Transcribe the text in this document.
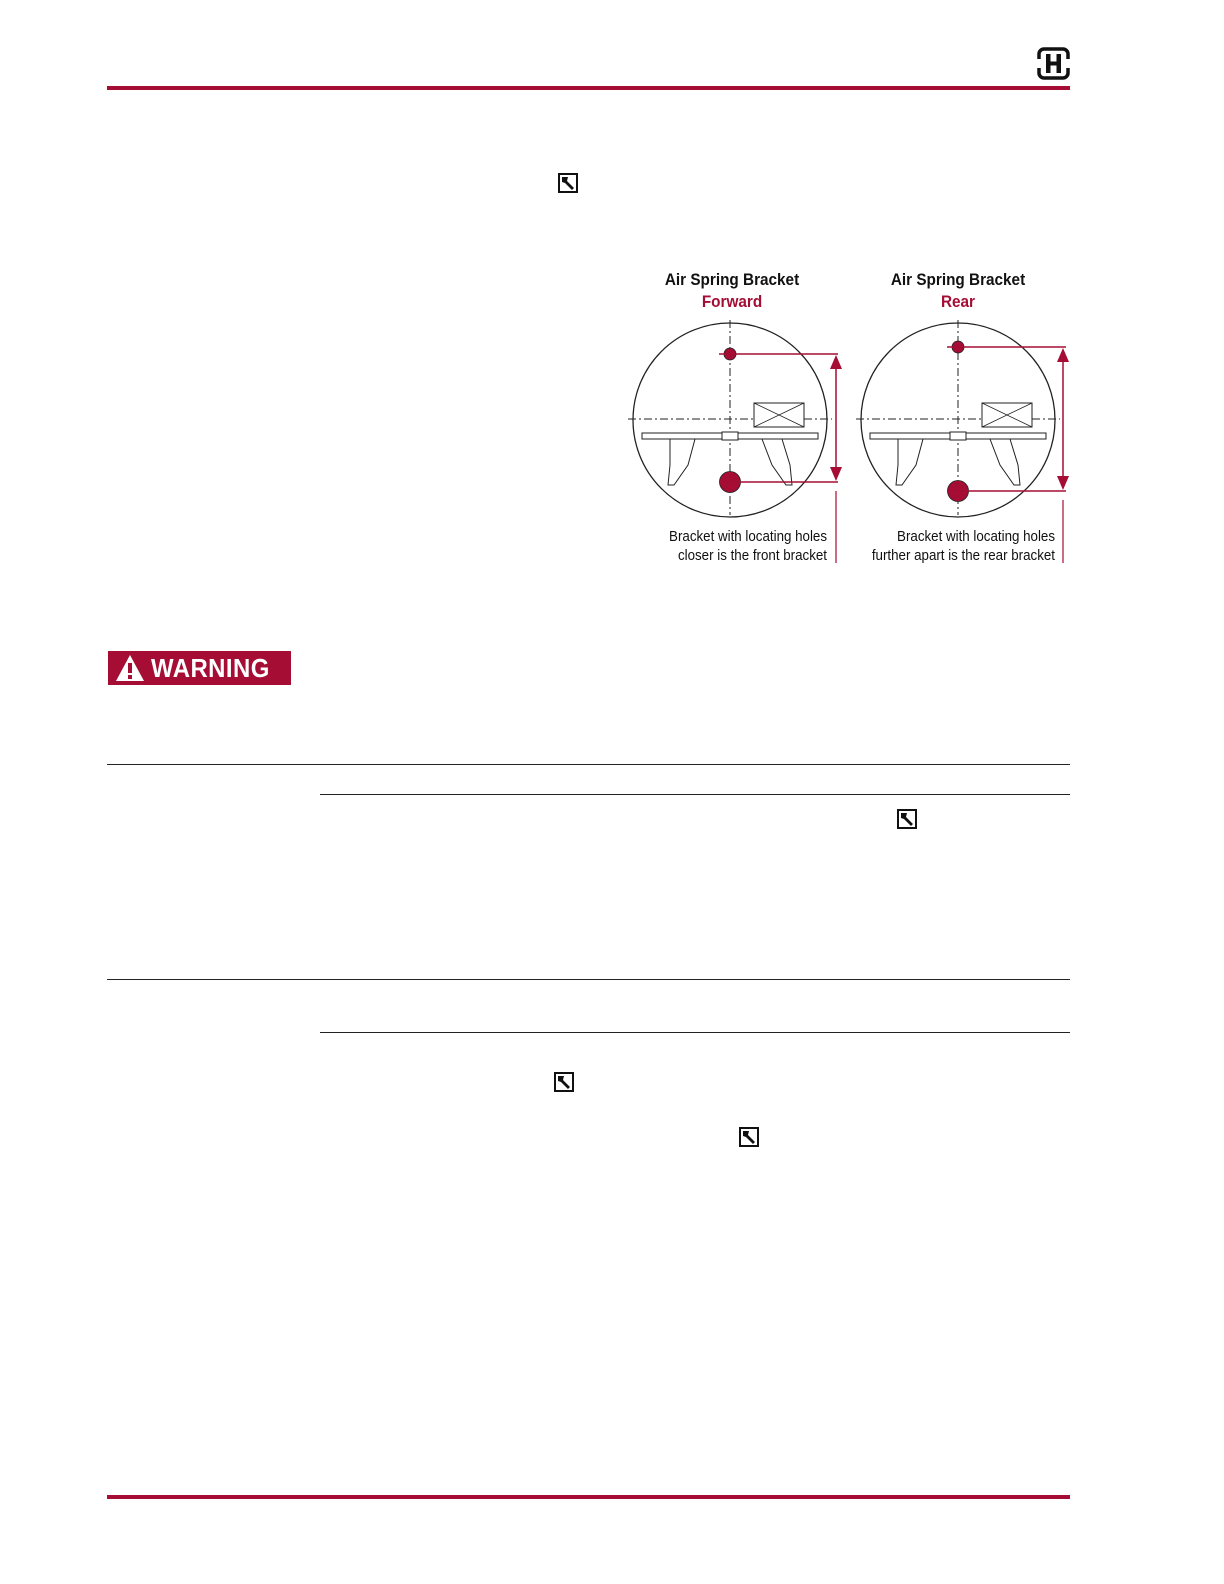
Air Spring Bracket
Forward
Air Spring Bracket
Rear
Bracket with locating holes
closer is the front bracket
Bracket with locating holes
further apart is the rear bracket
WARNING
